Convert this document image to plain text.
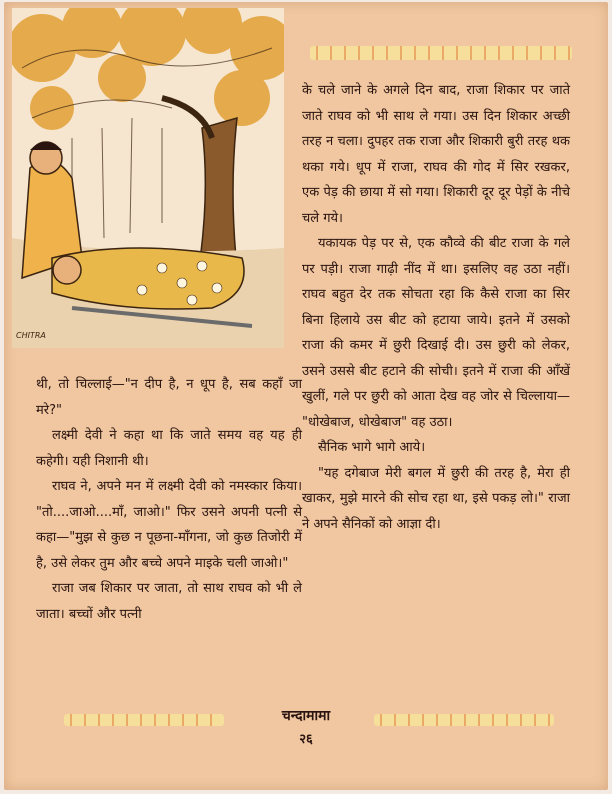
CHITRA

के चले जाने के अगले दिन बाद, राजा शिकार पर जाते जाते राघव को भी साथ ले गया। उस दिन शिकार अच्छी तरह न चला। दुपहर तक राजा और शिकारी बुरी तरह थक थका गये। धूप में राजा, राघव की गोद में सिर रखकर, एक पेड़ की छाया में सो गया। शिकारी दूर दूर पेड़ों के नीचे चले गये।

यकायक पेड़ पर से, एक कौव्वे की बीट राजा के गले पर पड़ी। राजा गाढ़ी नींद में था। इसलिए वह उठा नहीं। राघव बहुत देर तक सोचता रहा कि कैसे राजा का सिर बिना हिलाये उस बीट को हटाया जाये। इतने में उसको राजा की कमर में छुरी दिखाई दी। उस छुरी को लेकर, उसने उससे बीट हटाने की सोची। इतने में राजा की आँखें खुलीं, गले पर छुरी को आता देख वह जोर से चिल्लाया— "धोखेबाज, धोखेबाज" वह उठा।

सैनिक भागे भागे आये।

"यह दगेबाज मेरी बगल में छुरी की तरह है, मेरा ही खाकर, मुझे मारने की सोच रहा था, इसे पकड़ लो।" राजा ने अपने सैनिकों को आज्ञा दी।

थी, तो चिल्लाई—"न दीप है, न धूप है, सब कहाँ जा मरे?"

लक्ष्मी देवी ने कहा था कि जाते समय वह यह ही कहेगी। यही निशानी थी।

राघव ने, अपने मन में लक्ष्मी देवी को नमस्कार किया। "तो....जाओ....माँ, जाओ।" फिर उसने अपनी पत्नी से कहा—"मुझ से कुछ न पूछना-माँगना, जो कुछ तिजोरी में है, उसे लेकर तुम और बच्चे अपने माइके चली जाओ।"

राजा जब शिकार पर जाता, तो साथ राघव को भी ले जाता। बच्चों और पत्नी

चन्दामामा
२६
